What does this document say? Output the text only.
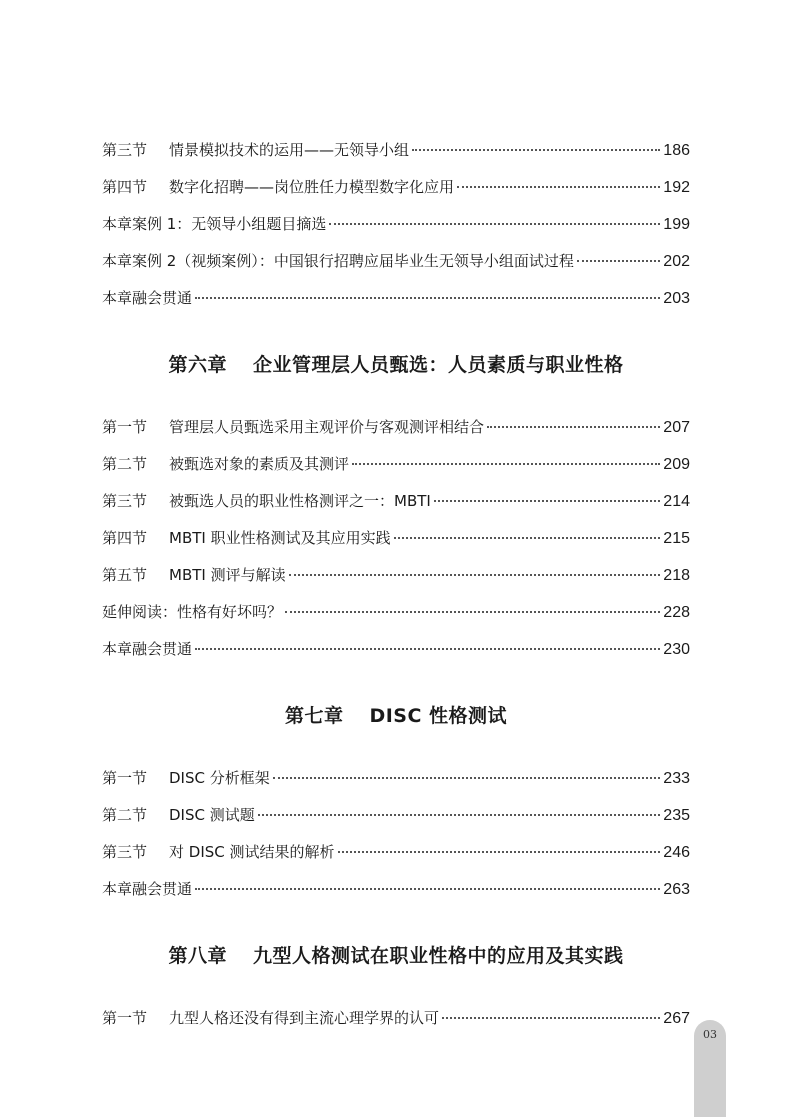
第三节 情景模拟技术的运用——无领导小组	186
第四节 数字化招聘——岗位胜任力模型数字化应用	192
本章案例 1：无领导小组题目摘选	199
本章案例 2（视频案例）：中国银行招聘应届毕业生无领导小组面试过程	202
本章融会贯通	203
第六章 企业管理层人员甄选：人员素质与职业性格
第一节 管理层人员甄选采用主观评价与客观测评相结合	207
第二节 被甄选对象的素质及其测评	209
第三节 被甄选人员的职业性格测评之一：MBTI	214
第四节 MBTI 职业性格测试及其应用实践	215
第五节 MBTI 测评与解读	218
延伸阅读：性格有好坏吗？	228
本章融会贯通	230
第七章 DISC 性格测试
第一节 DISC 分析框架	233
第二节 DISC 测试题	235
第三节 对 DISC 测试结果的解析	246
本章融会贯通	263
第八章 九型人格测试在职业性格中的应用及其实践
第一节 九型人格还没有得到主流心理学界的认可	267
03
